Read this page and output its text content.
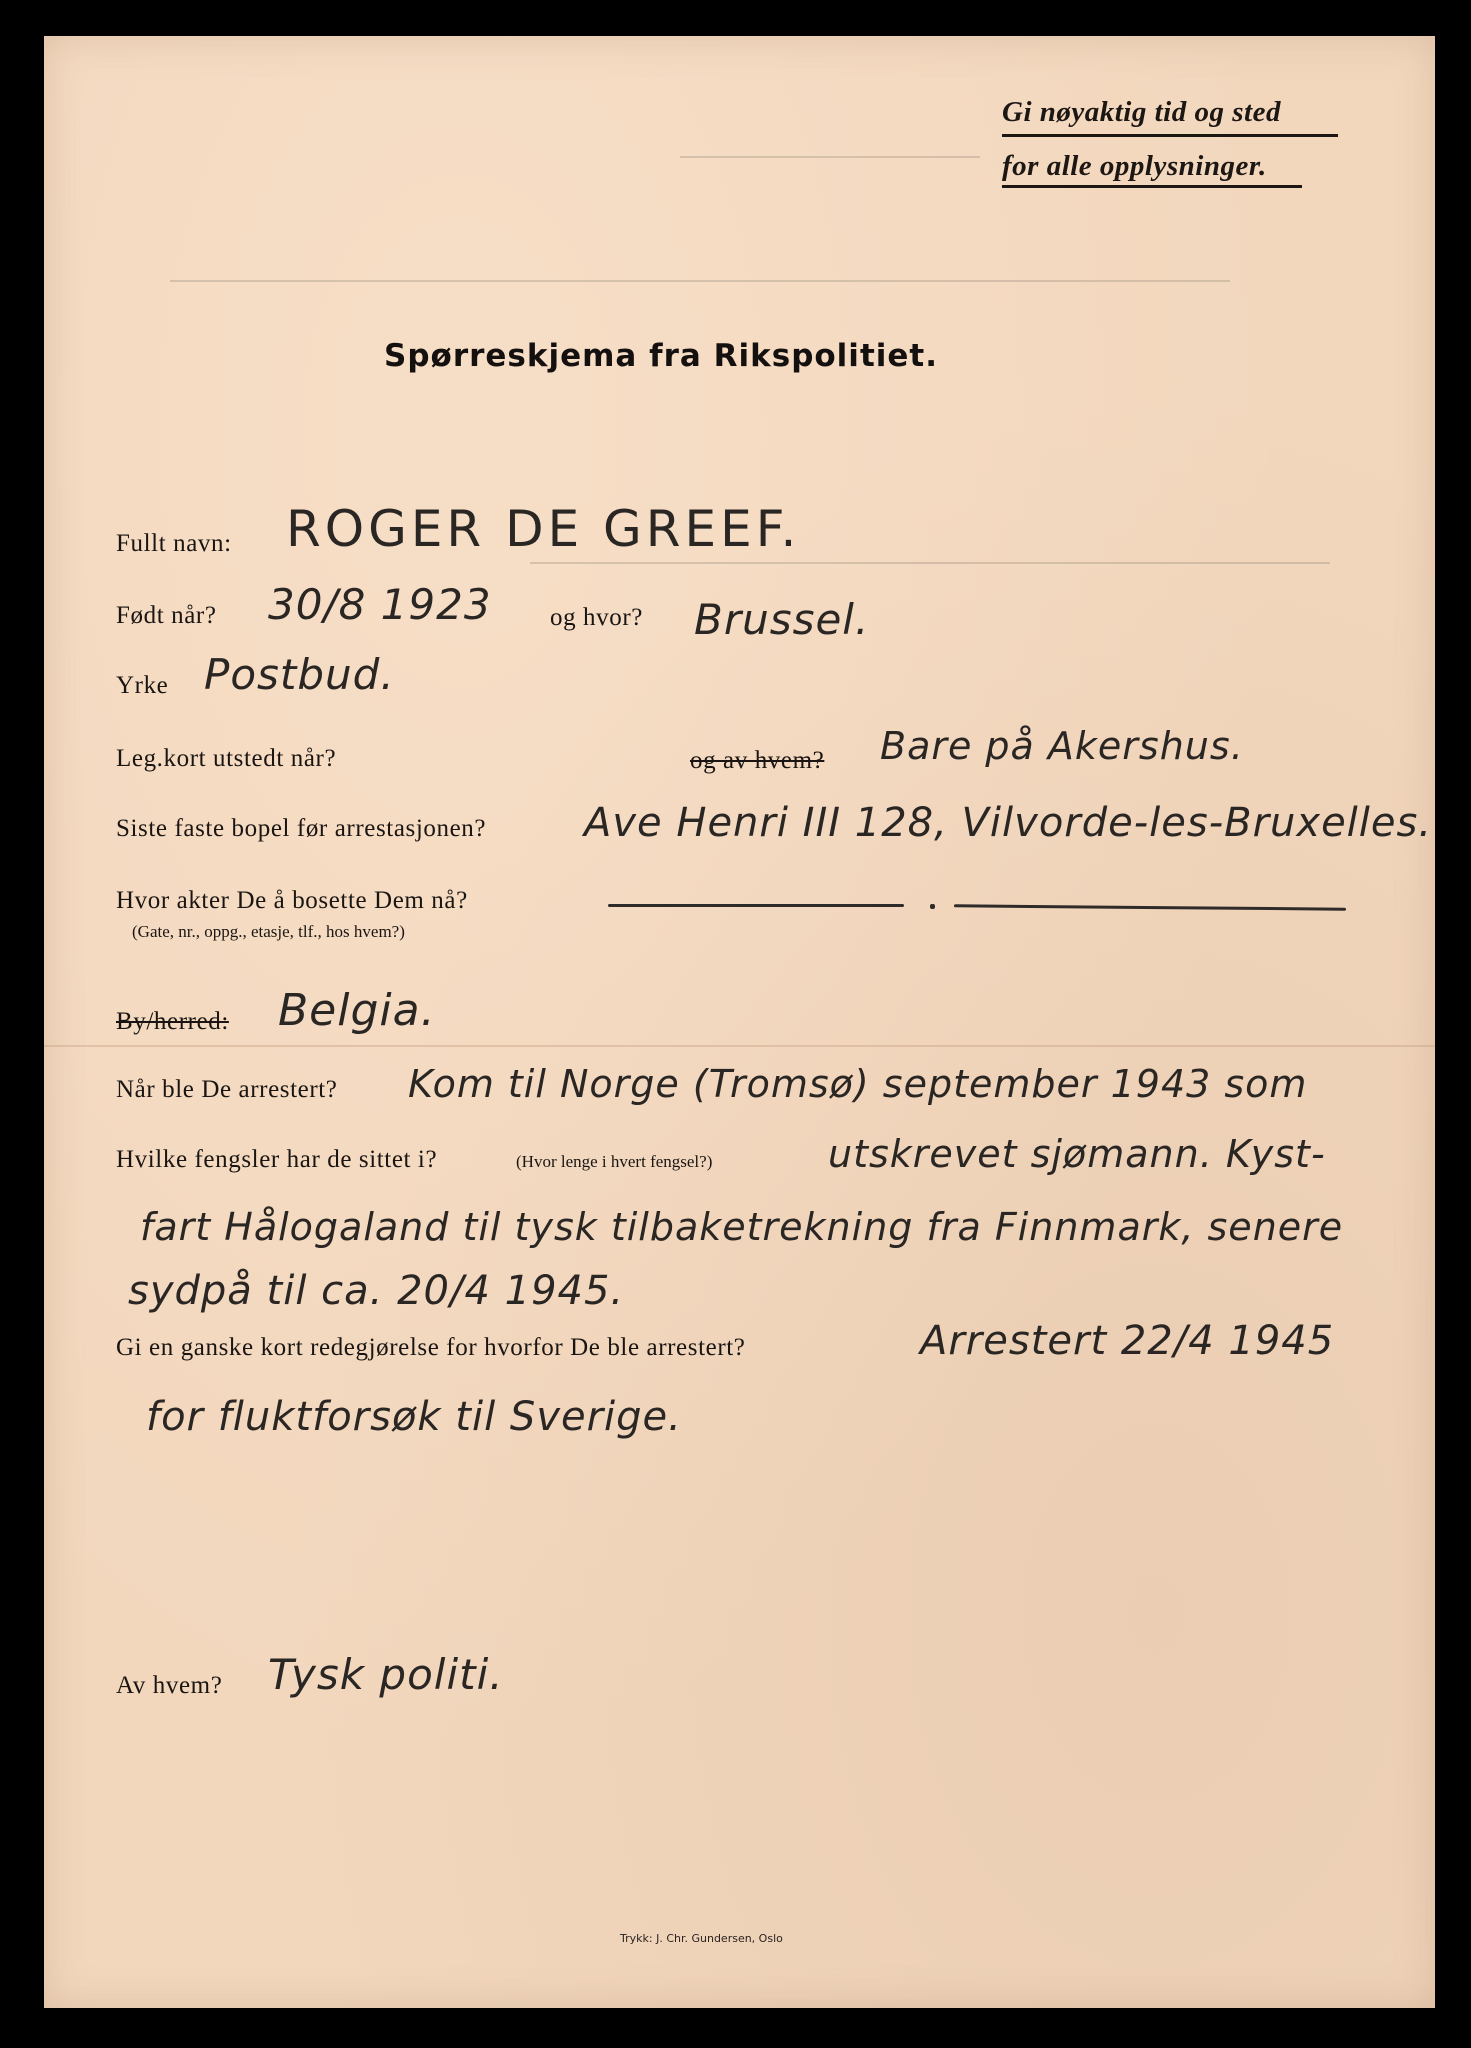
Gi nøyaktig tid og sted
for alle opplysninger.
Spørreskjema fra Rikspolitiet.
Fullt navn: ROGER DE GREEF.
Født når? 30/8 1923 og hvor? Brussel.
Yrke Postbud.
Leg.kort utstedt når?	og av hvem? Bare på Akershus.
Siste faste bopel før arrestasjonen? Ave Henri III 128, Vilvorde-les-Bruxelles.
Hvor akter De å bosette Dem nå?
(Gate, nr., oppg., etasje, tlf., hos hvem?)
By/herred: Belgia.
Når ble De arrestert? Kom til Norge (Tromsø) september 1943 som
Hvilke fengsler har de sittet i?	(Hvor lenge i hvert fengsel?)	utskrevet sjømann. Kyst-
fart Hålogaland til tysk tilbaketrekning fra Finnmark, senere
sydpå til ca. 20/4 1945.
Gi en ganske kort redegjørelse for hvorfor De ble arrestert?	Arrestert 22/4 1945
for fluktforsøk til Sverige.
Av hvem? Tysk politi.
Trykk: J. Chr. Gundersen, Oslo
